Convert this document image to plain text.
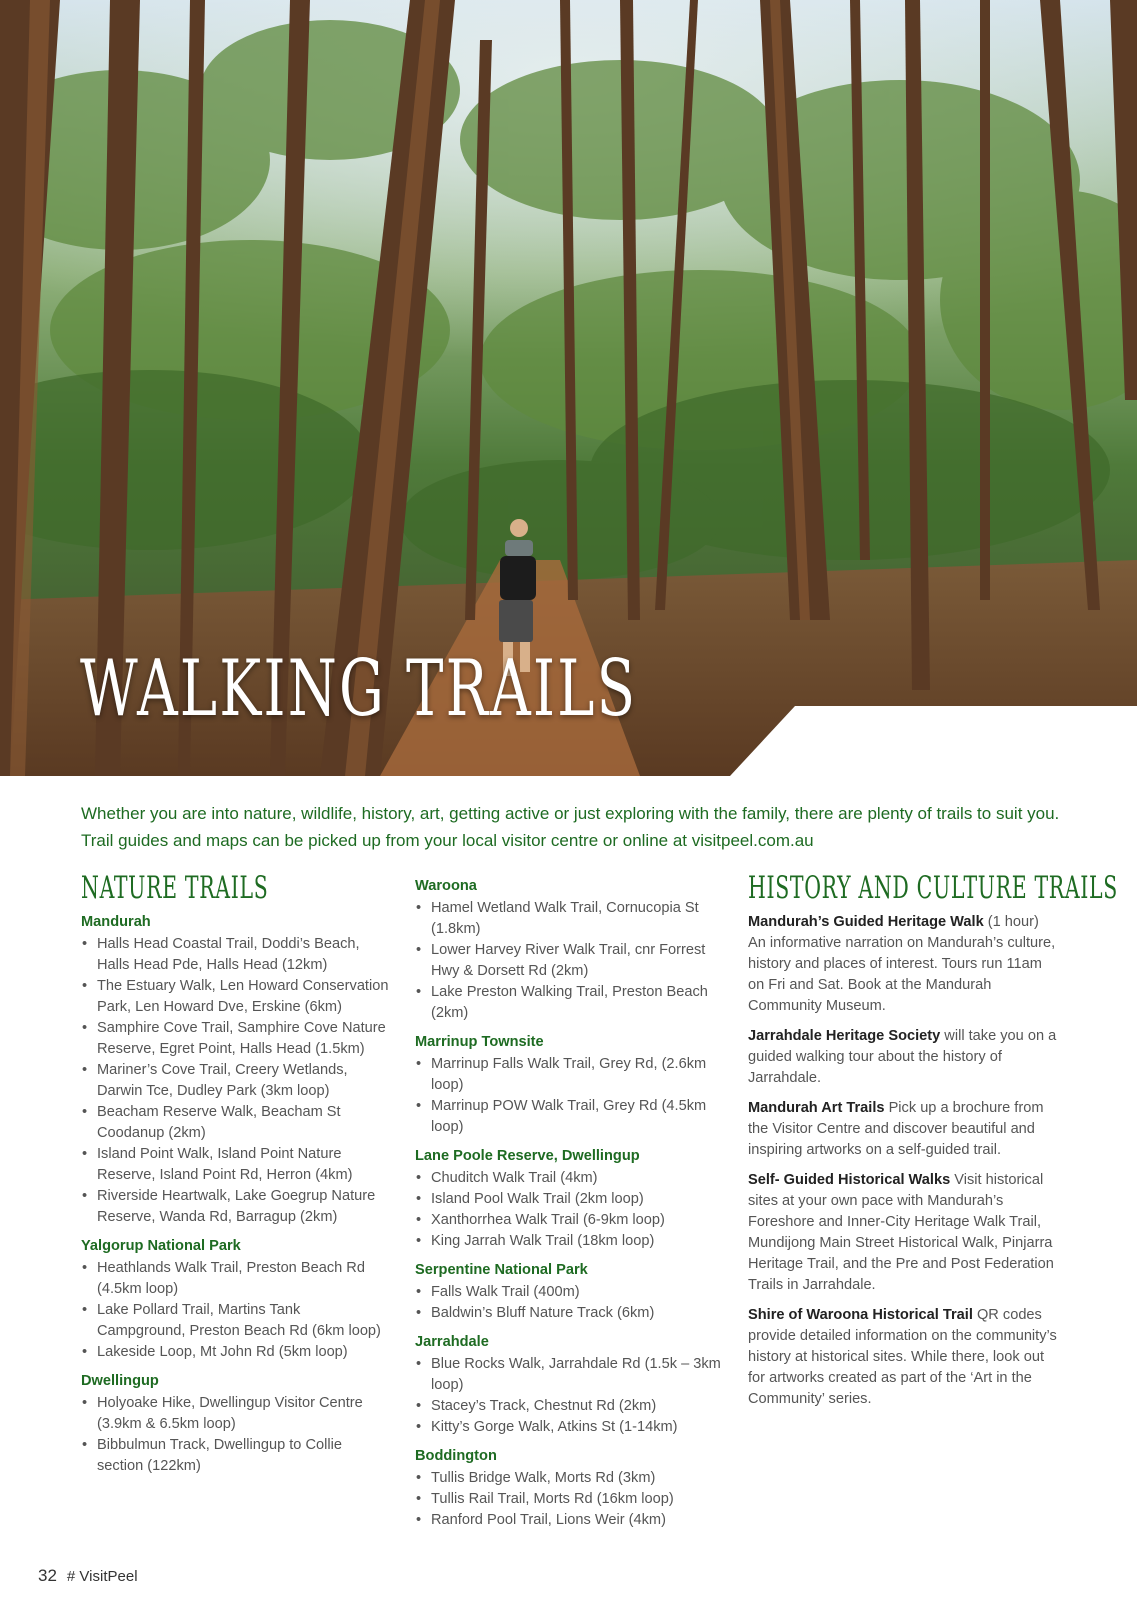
WALKING TRAILS

Whether you are into nature, wildlife, history, art, getting active or just exploring with the family, there are plenty of trails to suit you. Trail guides and maps can be picked up from your local visitor centre or online at visitpeel.com.au

NATURE TRAILS

Mandurah

• Halls Head Coastal Trail, Doddi’s Beach, Halls Head Pde, Halls Head (12km)
• The Estuary Walk, Len Howard Conservation Park, Len Howard Dve, Erskine (6km)
• Samphire Cove Trail, Samphire Cove Nature Reserve, Egret Point, Halls Head (1.5km)
• Mariner’s Cove Trail, Creery Wetlands, Darwin Tce, Dudley Park (3km loop)
• Beacham Reserve Walk, Beacham St Coodanup (2km)
• Island Point Walk, Island Point Nature Reserve, Island Point Rd, Herron (4km)
• Riverside Heartwalk, Lake Goegrup Nature Reserve, Wanda Rd, Barragup (2km)

Yalgorup National Park

• Heathlands Walk Trail, Preston Beach Rd (4.5km loop)
• Lake Pollard Trail, Martins Tank Campground, Preston Beach Rd (6km loop)
• Lakeside Loop, Mt John Rd (5km loop)

Dwellingup

• Holyoake Hike, Dwellingup Visitor Centre (3.9km & 6.5km loop)
• Bibbulmun Track, Dwellingup to Collie section (122km)

Waroona

• Hamel Wetland Walk Trail, Cornucopia St (1.8km)
• Lower Harvey River Walk Trail, cnr Forrest Hwy & Dorsett Rd (2km)
• Lake Preston Walking Trail, Preston Beach (2km)

Marrinup Townsite

• Marrinup Falls Walk Trail, Grey Rd, (2.6km loop)
• Marrinup POW Walk Trail, Grey Rd (4.5km loop)

Lane Poole Reserve, Dwellingup

• Chuditch Walk Trail (4km)
• Island Pool Walk Trail (2km loop)
• Xanthorrhea Walk Trail (6-9km loop)
• King Jarrah Walk Trail (18km loop)

Serpentine National Park

• Falls Walk Trail (400m)
• Baldwin’s Bluff Nature Track (6km)

Jarrahdale

• Blue Rocks Walk, Jarrahdale Rd (1.5k – 3km loop)
• Stacey’s Track, Chestnut Rd (2km)
• Kitty’s Gorge Walk, Atkins St (1-14km)

Boddington

• Tullis Bridge Walk, Morts Rd (3km)
• Tullis Rail Trail, Morts Rd (16km loop)
• Ranford Pool Trail, Lions Weir (4km)
HISTORY AND CULTURE TRAILS

Mandurah’s Guided Heritage Walk (1 hour) An informative narration on Mandurah’s culture, history and places of interest. Tours run 11am on Fri and Sat. Book at the Mandurah Community Museum.

Jarrahdale Heritage Society will take you on a guided walking tour about the history of Jarrahdale.

Mandurah Art Trails Pick up a brochure from the Visitor Centre and discover beautiful and inspiring artworks on a self-guided trail.

Self- Guided Historical Walks Visit historical sites at your own pace with Mandurah’s Foreshore and Inner-City Heritage Walk Trail, Mundijong Main Street Historical Walk, Pinjarra Heritage Trail, and the Pre and Post Federation Trails in Jarrahdale.

Shire of Waroona Historical Trail QR codes provide detailed information on the community’s history at historical sites. While there, look out for artworks created as part of the ‘Art in the Community’ series.

32 # VisitPeel
